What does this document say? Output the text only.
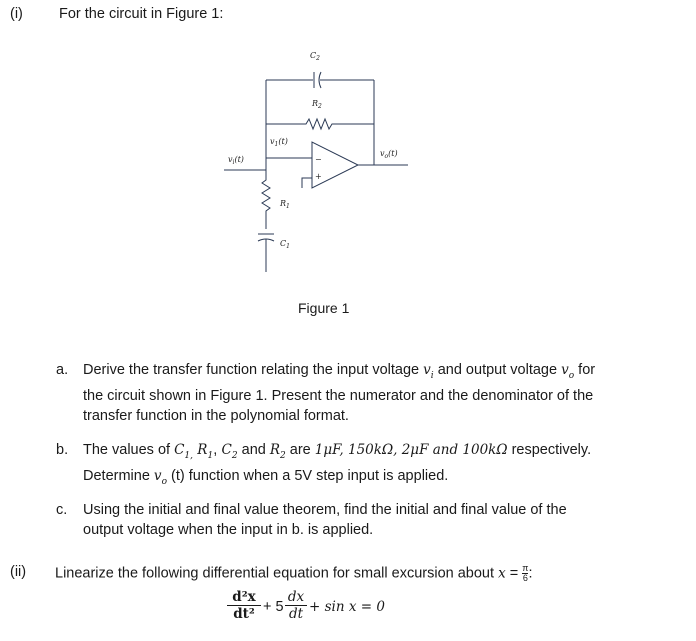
(i) For the circuit in Figure 1:
$C_2$
$R_2$
$v_1(t)$
−
+
$v_o(t)$
$v_i(t)$
$R_1$
$C_1$
Figure 1
a. Derive the transfer function relating the input voltage $v_i$ and output voltage $v_o$ for
the circuit shown in Figure 1. Present the numerator and the denominator of the
transfer function in the polynomial format.
b. The values of $C_{1,}$ $R_1$, $C_2$ and $R_2$ are 1μF, 150kΩ, 2μF and 100kΩ respectively.
Determine $v_o$ (t) function when a 5V step input is applied.
c. Using the initial and final value theorem, find the initial and final value of the
output voltage when the input in b. is applied.
(ii) Linearize the following differential equation for small excursion about $x = \frac{\pi}{6}$ :
d²x
dt² + 5
dx
dt + sin x = 0
